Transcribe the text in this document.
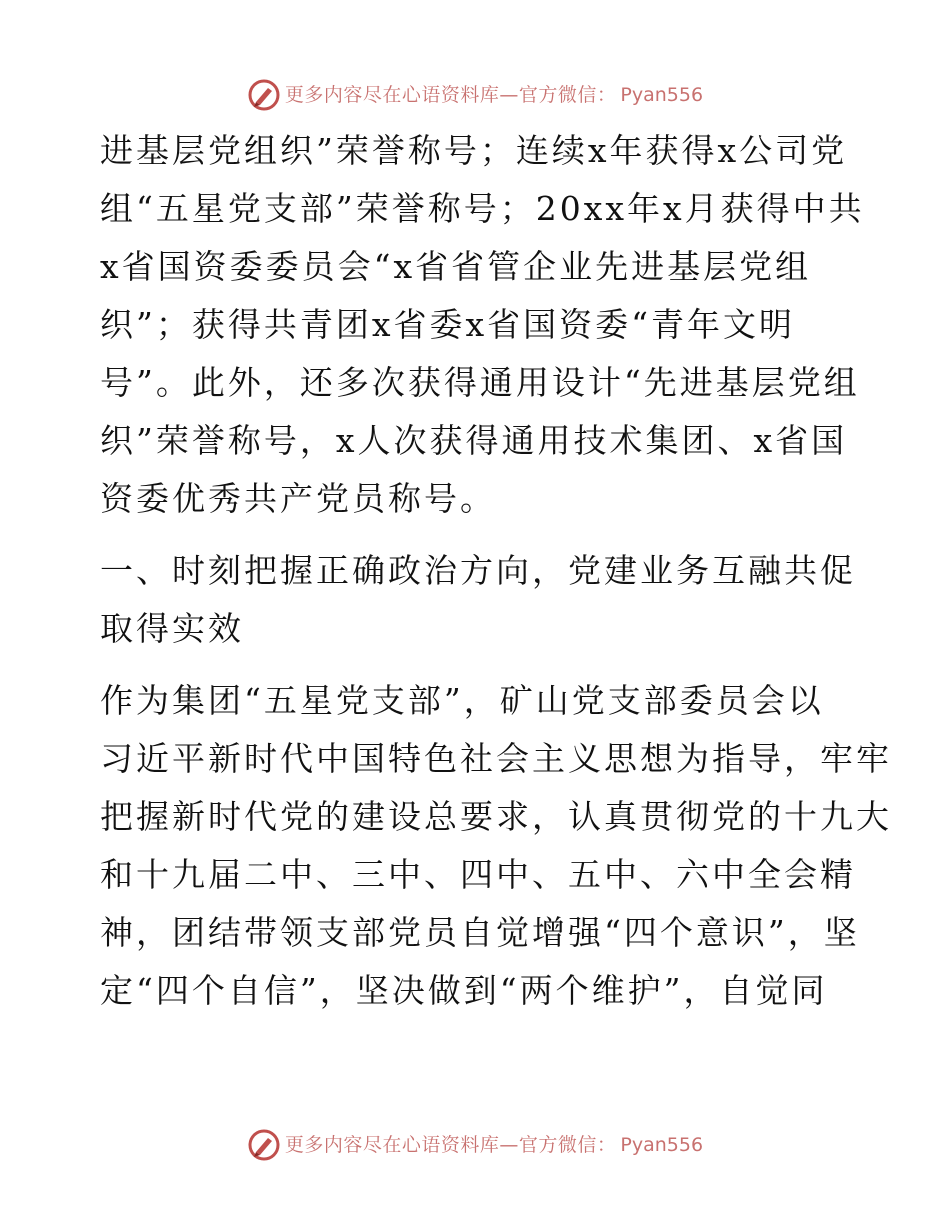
更多内容尽在心语资料库—官方微信： Pyan556
进基层党组织”荣誉称号；连续x年获得x公司党
组“五星党支部”荣誉称号；20xx年x月获得中共
x省国资委委员会“x省省管企业先进基层党组
织”；获得共青团x省委x省国资委“青年文明
号”。此外，还多次获得通用设计“先进基层党组
织”荣誉称号，x人次获得通用技术集团、x省国
资委优秀共产党员称号。
一、时刻把握正确政治方向，党建业务互融共促
取得实效
作为集团“五星党支部”，矿山党支部委员会以
习近平新时代中国特色社会主义思想为指导，牢牢
把握新时代党的建设总要求，认真贯彻党的十九大
和十九届二中、三中、四中、五中、六中全会精
神，团结带领支部党员自觉增强“四个意识”，坚
定“四个自信”，坚决做到“两个维护”，自觉同
更多内容尽在心语资料库—官方微信： Pyan556
